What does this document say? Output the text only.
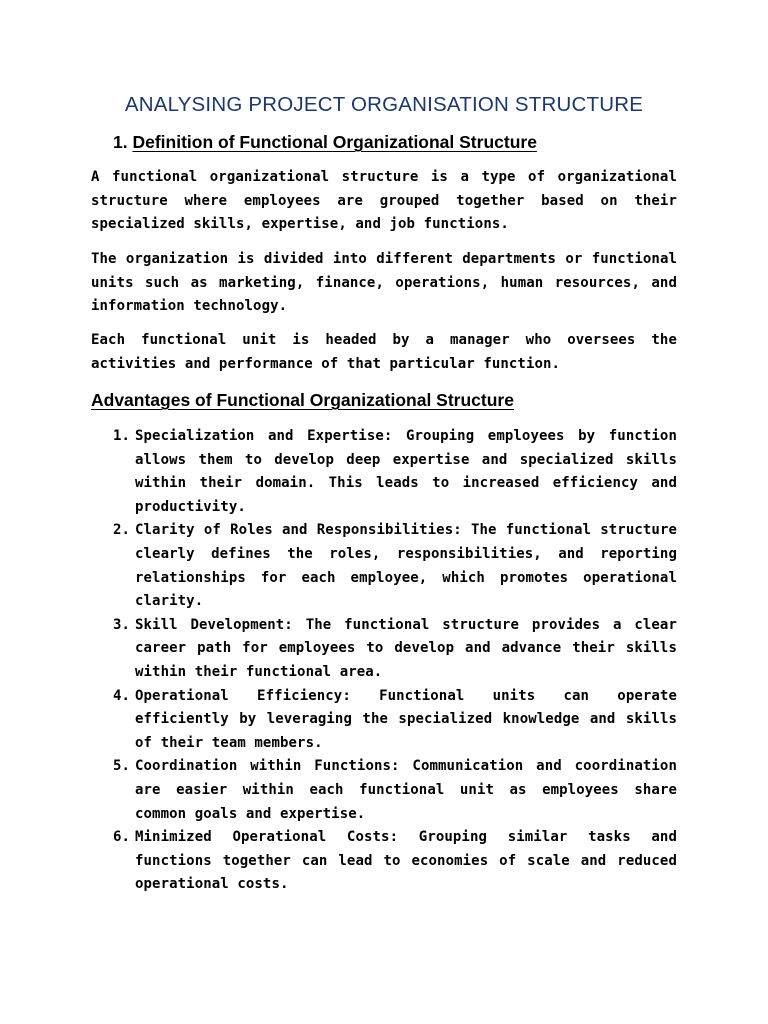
ANALYSING PROJECT ORGANISATION STRUCTURE
1. Definition of Functional Organizational Structure

A functional organizational structure is a type of organizational structure where employees are grouped together based on their specialized skills, expertise, and job functions.

The organization is divided into different departments or functional units such as marketing, finance, operations, human resources, and information technology.

Each functional unit is headed by a manager who oversees the activities and performance of that particular function.

Advantages of Functional Organizational Structure
1. Specialization and Expertise: Grouping employees by function allows them to develop deep expertise and specialized skills within their domain. This leads to increased efficiency and productivity.
2. Clarity of Roles and Responsibilities: The functional structure clearly defines the roles, responsibilities, and reporting relationships for each employee, which promotes operational clarity.
3. Skill Development: The functional structure provides a clear career path for employees to develop and advance their skills within their functional area.
4. Operational Efficiency: Functional units can operate efficiently by leveraging the specialized knowledge and skills of their team members.
5. Coordination within Functions: Communication and coordination are easier within each functional unit as employees share common goals and expertise.
6. Minimized Operational Costs: Grouping similar tasks and functions together can lead to economies of scale and reduced operational costs.
